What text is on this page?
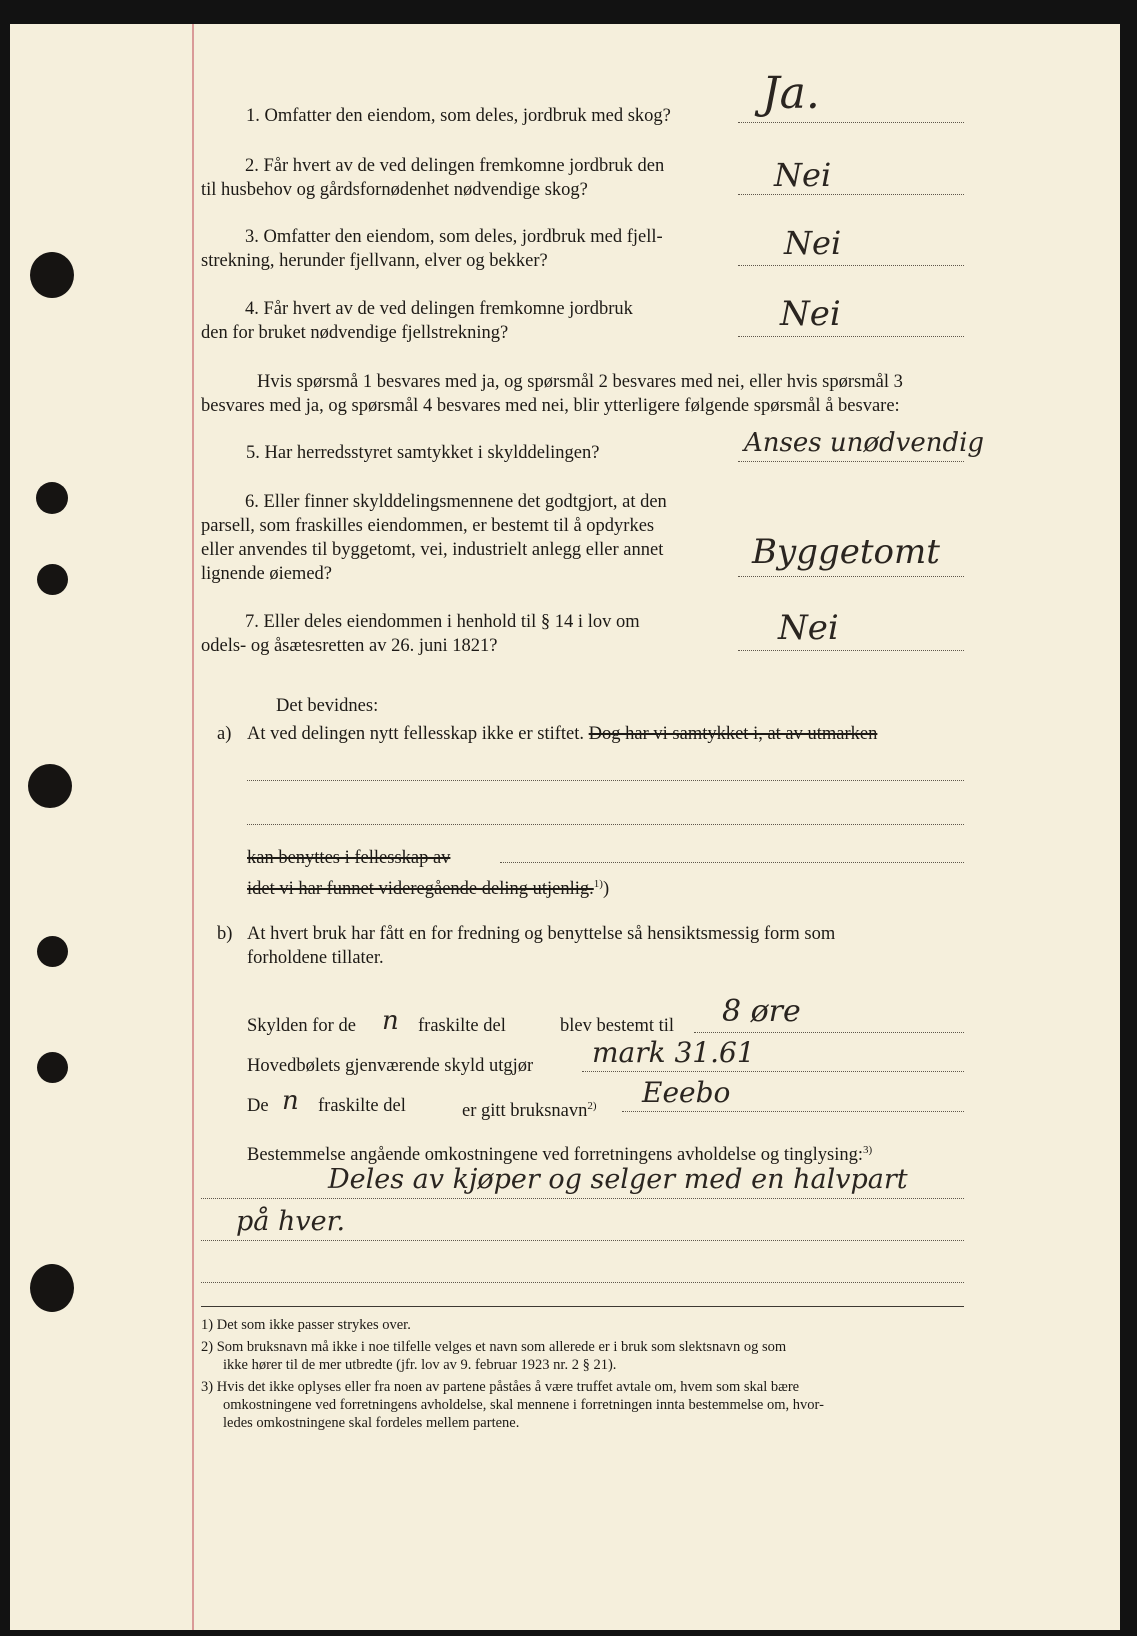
1. Omfatter den eiendom, som deles, jordbruk med skog? Ja.
2. Får hvert av de ved delingen fremkomne jordbruk den
til husbehov og gårdsfornødenhet nødvendige skog?	Nei
3. Omfatter den eiendom, som deles, jordbruk med fjell-
strekning, herunder fjellvann, elver og bekker?	Nei
4. Får hvert av de ved delingen fremkomne jordbruk
den for bruket nødvendige fjellstrekning?	Nei
Hvis spørsmå 1 besvares med ja, og spørsmål 2 besvares med nei, eller hvis spørsmål 3
besvares med ja, og spørsmål 4 besvares med nei, blir ytterligere følgende spørsmål å besvare:
5. Har herredsstyret samtykket i skylddelingen?	Anses unødvendig
6. Eller finner skylddelingsmennene det godtgjort, at den
parsell, som fraskilles eiendommen, er bestemt til å opdyrkes
eller anvendes til byggetomt, vei, industrielt anlegg eller annet
lignende øiemed?
Byggetomt
7. Eller deles eiendommen i henhold til § 14 i lov om
odels- og åsætesretten av 26. juni 1821?	Nei
Det bevidnes:
a) At ved delingen nytt fellesskap ikke er stiftet. Dog har vi samtykket i, at av utmarken
kan benyttes i fellesskap av
idet vi har funnet videregående deling utjenlig.$^{1)}$)
b) At hvert bruk har fått en for fredning og benyttelse så hensiktsmessig form som
forholdene tillater.
Skylden for de n fraskilte del	blev bestemt til 8 øre
Hovedbølets gjenværende skyld utgjør mark 31.61
De n fraskilte del	er gitt bruksnavn$^{2)}$ Eeebo
Bestemmelse angående omkostningene ved forretningens avholdelse og tinglysing:$^{3)}$
Deles av kjøper og selger med en halvpart
på hver.
1) Det som ikke passer strykes over.
2) Som bruksnavn må ikke i noe tilfelle velges et navn som allerede er i bruk som slektsnavn og som
ikke hører til de mer utbredte (jfr. lov av 9. februar 1923 nr. 2 § 21).
3) Hvis det ikke oplyses eller fra noen av partene påståes å være truffet avtale om, hvem som skal bære
omkostningene ved forretningens avholdelse, skal mennene i forretningen innta bestemmelse om, hvor-
ledes omkostningene skal fordeles mellem partene.
